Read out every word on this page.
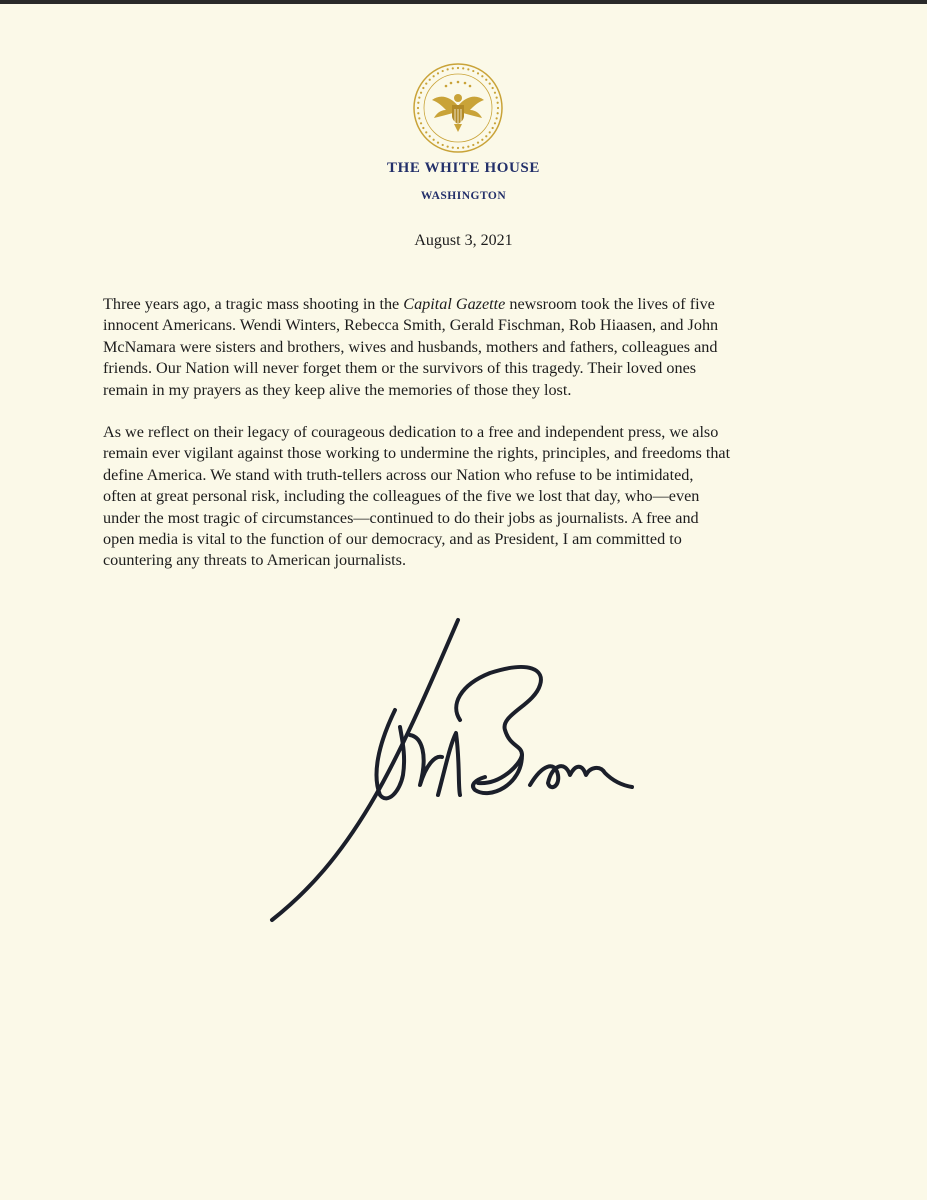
THE WHITE HOUSE
WASHINGTON
August 3, 2021
Three years ago, a tragic mass shooting in the Capital Gazette newsroom took the lives of five
innocent Americans. Wendi Winters, Rebecca Smith, Gerald Fischman, Rob Hiaasen, and John
McNamara were sisters and brothers, wives and husbands, mothers and fathers, colleagues and
friends. Our Nation will never forget them or the survivors of this tragedy. Their loved ones
remain in my prayers as they keep alive the memories of those they lost.
As we reflect on their legacy of courageous dedication to a free and independent press, we also
remain ever vigilant against those working to undermine the rights, principles, and freedoms that
define America. We stand with truth-tellers across our Nation who refuse to be intimidated,
often at great personal risk, including the colleagues of the five we lost that day, who—even
under the most tragic of circumstances—continued to do their jobs as journalists. A free and
open media is vital to the function of our democracy, and as President, I am committed to
countering any threats to American journalists.
